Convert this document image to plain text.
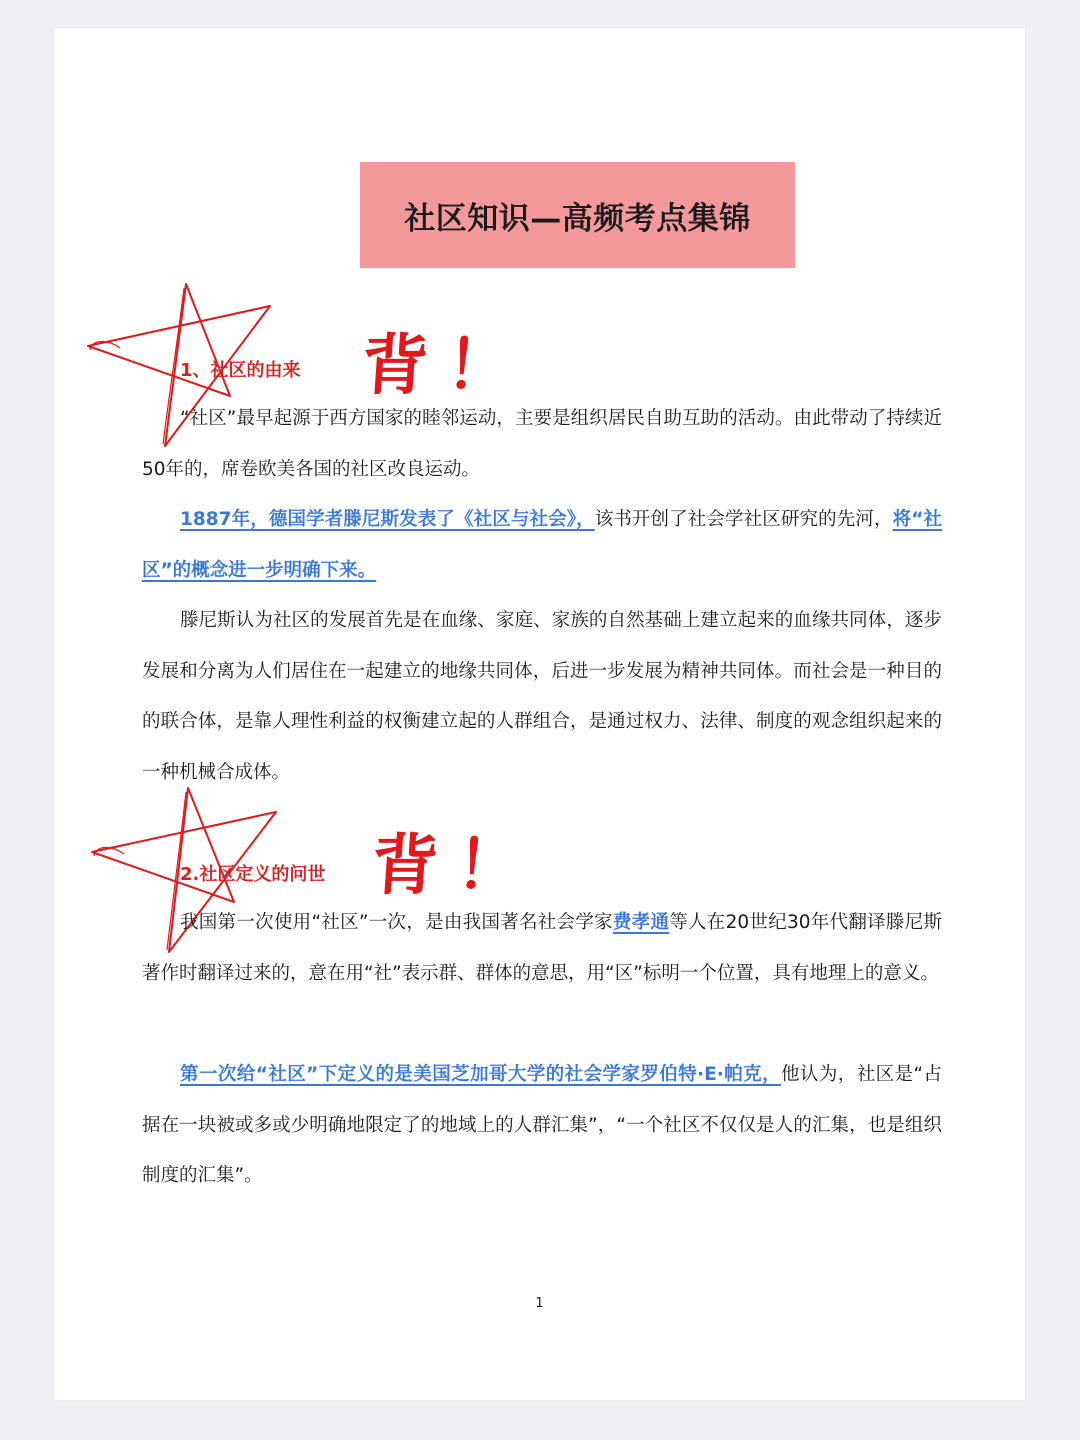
社区知识—高频考点集锦
1、社区的由来 背！
“社区”最早起源于西方国家的睦邻运动，主要是组织居民自助互助的活动。由此带动了持续近50年的，席卷欧美各国的社区改良运动。
1887年，德国学者滕尼斯发表了《社区与社会》，该书开创了社会学社区研究的先河，将“社区”的概念进一步明确下来。
滕尼斯认为社区的发展首先是在血缘、家庭、家族的自然基础上建立起来的血缘共同体，逐步发展和分离为人们居住在一起建立的地缘共同体，后进一步发展为精神共同体。而社会是一种目的的联合体，是靠人理性利益的权衡建立起的人群组合，是通过权力、法律、制度的观念组织起来的一种机械合成体。
2.社区定义的问世 背！
我国第一次使用“社区”一次，是由我国著名社会学家费孝通等人在20世纪30年代翻译滕尼斯著作时翻译过来的，意在用“社”表示群、群体的意思，用“区”标明一个位置，具有地理上的意义。
第一次给“社区”下定义的是美国芝加哥大学的社会学家罗伯特·E·帕克，他认为，社区是“占据在一块被或多或少明确地限定了的地域上的人群汇集”，“一个社区不仅仅是人的汇集，也是组织制度的汇集”。
1
